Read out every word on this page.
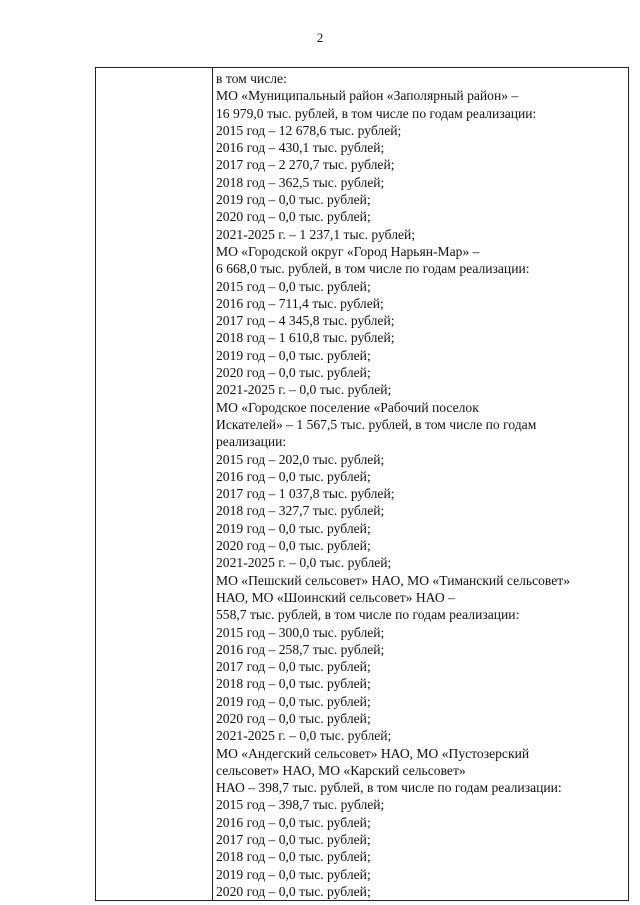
2

в том числе:
МО «Муниципальный район «Заполярный район» –
16 979,0 тыс. рублей, в том числе по годам реализации:
2015 год – 12 678,6 тыс. рублей;
2016 год – 430,1 тыс. рублей;
2017 год – 2 270,7 тыс. рублей;
2018 год – 362,5 тыс. рублей;
2019 год – 0,0 тыс. рублей;
2020 год – 0,0 тыс. рублей;
2021-2025 г. – 1 237,1 тыс. рублей;
МО «Городской округ «Город Нарьян-Мар» –
6 668,0 тыс. рублей, в том числе по годам реализации:
2015 год – 0,0 тыс. рублей;
2016 год – 711,4 тыс. рублей;
2017 год – 4 345,8 тыс. рублей;
2018 год – 1 610,8 тыс. рублей;
2019 год – 0,0 тыс. рублей;
2020 год – 0,0 тыс. рублей;
2021-2025 г. – 0,0 тыс. рублей;
МО «Городское поселение «Рабочий поселок
Искателей» – 1 567,5 тыс. рублей, в том числе по годам
реализации:
2015 год – 202,0 тыс. рублей;
2016 год – 0,0 тыс. рублей;
2017 год – 1 037,8 тыс. рублей;
2018 год – 327,7 тыс. рублей;
2019 год – 0,0 тыс. рублей;
2020 год – 0,0 тыс. рублей;
2021-2025 г. – 0,0 тыс. рублей;
МО «Пешский сельсовет» НАО, МО «Тиманский сельсовет»
НАО, МО «Шоинский сельсовет» НАО –
558,7 тыс. рублей, в том числе по годам реализации:
2015 год – 300,0 тыс. рублей;
2016 год – 258,7 тыс. рублей;
2017 год – 0,0 тыс. рублей;
2018 год – 0,0 тыс. рублей;
2019 год – 0,0 тыс. рублей;
2020 год – 0,0 тыс. рублей;
2021-2025 г. – 0,0 тыс. рублей;
МО «Андегский сельсовет» НАО, МО «Пустозерский
сельсовет» НАО, МО «Карский сельсовет»
НАО – 398,7 тыс. рублей, в том числе по годам реализации:
2015 год – 398,7 тыс. рублей;
2016 год – 0,0 тыс. рублей;
2017 год – 0,0 тыс. рублей;
2018 год – 0,0 тыс. рублей;
2019 год – 0,0 тыс. рублей;
2020 год – 0,0 тыс. рублей;
